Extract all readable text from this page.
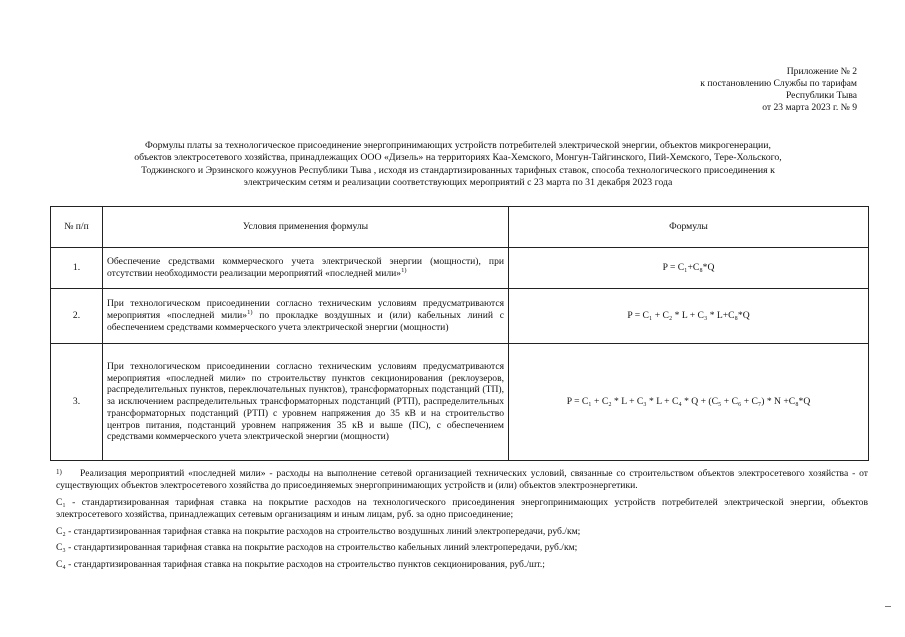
Приложение № 2
к постановлению Службы по тарифам
Республики Тыва
от 23 марта 2023 г. № 9
Формулы платы за технологическое присоединение энергопринимающих устройств потребителей электрической энергии, объектов микрогенерации,
объектов электросетевого хозяйства, принадлежащих ООО «Дизель» на территориях Каа-Хемского, Монгун-Тайгинского, Пий-Хемского, Тере-Хольского,
Тоджинского и Эрзинского кожуунов Республики Тыва , исходя из стандартизированных тарифных ставок, способа технологического присоединения к
электрическим сетям и реализации соответствующих мероприятий с 23 марта по 31 декабря 2023 года
№ п/п	Условия применения формулы	Формулы
1.	Обеспечение средствами коммерческого учета электрической энергии (мощности), при отсутствии необходимости реализации мероприятий «последней мили»$^{1)}$	P = C₁+C₈*Q
2.	При технологическом присоединении согласно техническим условиям предусматриваются мероприятия «последней мили»$^{1)}$ по прокладке воздушных и (или) кабельных линий с обеспечением средствами коммерческого учета электрической энергии (мощности)	P = C₁ + C₂ * L + C₃ * L+C₈*Q
3.	При технологическом присоединении согласно техническим условиям предусматриваются мероприятия «последней мили» по строительству пунктов секционирования (реклоузеров, распределительных пунктов, переключательных пунктов), трансформаторных подстанций (ТП), за исключением распределительных трансформаторных подстанций (РТП), распределительных трансформаторных подстанций (РТП) с уровнем напряжения до 35 кВ и на строительство центров питания, подстанций уровнем напряжения 35 кВ и выше (ПС), с обеспечением средствами коммерческого учета электрической энергии (мощности)	P = C₁ + C₂ * L + C₃ * L + C₄ * Q + (C₅ + C₆ + C₇) * N +C₈*Q

1) Реализация мероприятий «последней мили» - расходы на выполнение сетевой организацией технических условий, связанные со строительством объектов электросетевого хозяйства - от существующих объектов электросетевого хозяйства до присоединяемых энергопринимающих устройств и (или) объектов электроэнергетики.

C₁ - стандартизированная тарифная ставка на покрытие расходов на технологического присоединения энергопринимающих устройств потребителей электрической энергии, объектов электросетевого хозяйства, принадлежащих сетевым организациям и иным лицам, руб. за одно присоединение;

C₂ - стандартизированная тарифная ставка на покрытие расходов на строительство воздушных линий электропередачи, руб./км;

C₃ - стандартизированная тарифная ставка на покрытие расходов на строительство кабельных линий электропередачи, руб./км;

C₄ - стандартизированная тарифная ставка на покрытие расходов на строительство пунктов секционирования, руб./шт.;
